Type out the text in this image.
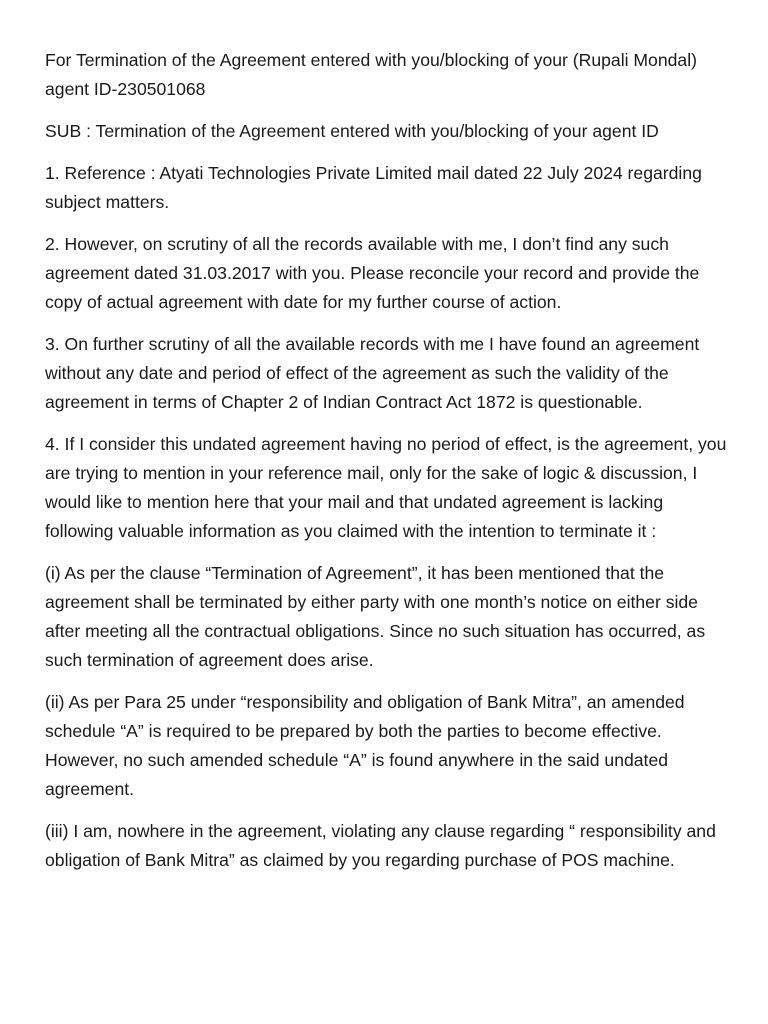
For Termination of the Agreement entered with you/blocking of your (Rupali Mondal) agent ID-230501068

SUB : Termination of the Agreement entered with you/blocking of your agent ID

1. Reference : Atyati Technologies Private Limited mail dated 22 July 2024 regarding subject matters.

2. However, on scrutiny of all the records available with me, I don’t find any such agreement dated 31.03.2017 with you. Please reconcile your record and provide the copy of actual agreement with date for my further course of action.

3. On further scrutiny of all the available records with me I have found an agreement without any date and period of effect of the agreement as such the validity of the agreement in terms of Chapter 2 of Indian Contract Act 1872 is questionable.

4. If I consider this undated agreement having no period of effect, is the agreement, you are trying to mention in your reference mail, only for the sake of logic & discussion, I would like to mention here that your mail and that undated agreement is lacking following valuable information as you claimed with the intention to terminate it :

(i) As per the clause “Termination of Agreement”, it has been mentioned that the agreement shall be terminated by either party with one month’s notice on either side after meeting all the contractual obligations. Since no such situation has occurred, as such termination of agreement does arise.

(ii) As per Para 25 under “responsibility and obligation of Bank Mitra”, an amended schedule “A” is required to be prepared by both the parties to become effective. However, no such amended schedule “A” is found anywhere in the said undated agreement.

(iii) I am, nowhere in the agreement, violating any clause regarding “ responsibility and obligation of Bank Mitra” as claimed by you regarding purchase of POS machine.
